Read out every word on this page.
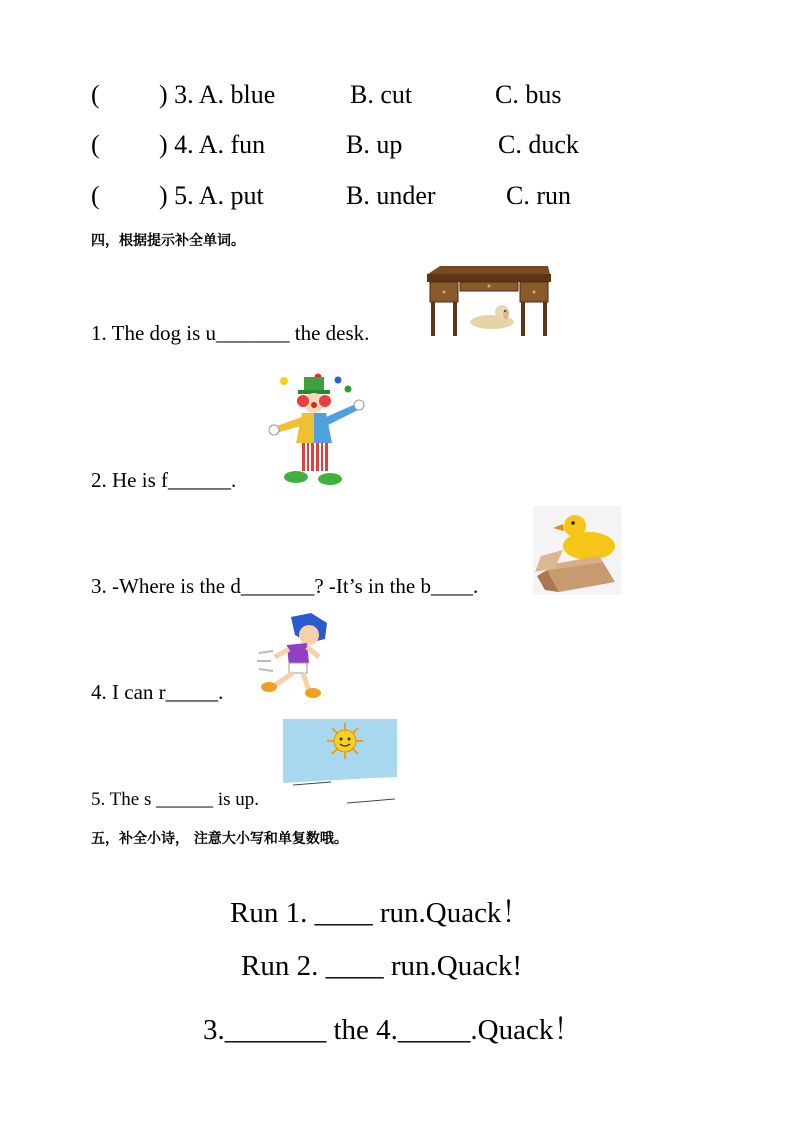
( ) 3. A. blue	B. cut	C. bus
( ) 4. A. fun	B. up	C. duck
( ) 5. A. put	B. under	C. run
四，根据提示补全单词。
1. The dog is u_______ the desk.
2. He is f______.
3. -Where is the d_______? -It’s in the b____.
4. I can r_____.
5. The s ______ is up.
五，补全小诗， 注意大小写和单复数哦。
Run 1. ____ run.Quack！
Run 2. ____ run.Quack!
3._______ the 4._____.Quack！
